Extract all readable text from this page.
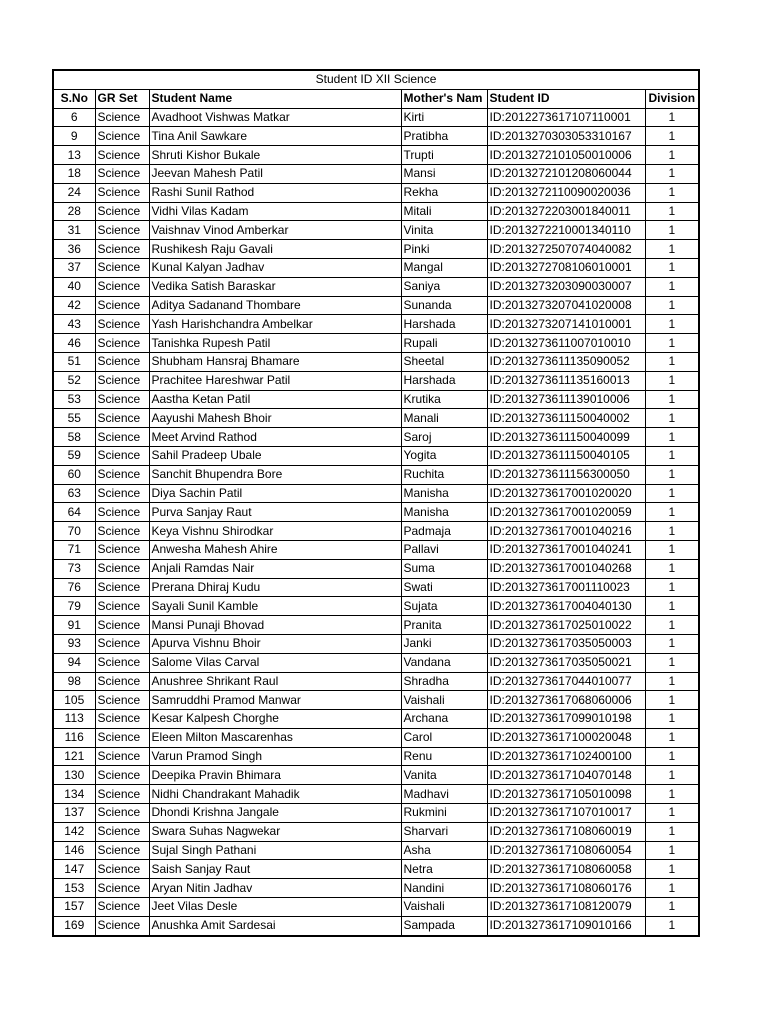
Student ID XII Science					
S.No	GR Set	Student Name	Mother's Nam	Student ID	Division
6	Science	Avadhoot Vishwas Matkar	Kirti	ID:2012273617107110001	1
9	Science	Tina Anil Sawkare	Pratibha	ID:2013270303053310167	1
13	Science	Shruti Kishor Bukale	Trupti	ID:2013272101050010006	1
18	Science	Jeevan Mahesh Patil	Mansi	ID:2013272101208060044	1
24	Science	Rashi Sunil Rathod	Rekha	ID:2013272110090020036	1
28	Science	Vidhi Vilas Kadam	Mitali	ID:2013272203001840011	1
31	Science	Vaishnav Vinod Amberkar	Vinita	ID:2013272210001340110	1
36	Science	Rushikesh Raju Gavali	Pinki	ID:2013272507074040082	1
37	Science	Kunal Kalyan Jadhav	Mangal	ID:2013272708106010001	1
40	Science	Vedika Satish Baraskar	Saniya	ID:2013273203090030007	1
42	Science	Aditya Sadanand Thombare	Sunanda	ID:2013273207041020008	1
43	Science	Yash Harishchandra Ambelkar	Harshada	ID:2013273207141010001	1
46	Science	Tanishka Rupesh Patil	Rupali	ID:2013273611007010010	1
51	Science	Shubham Hansraj Bhamare	Sheetal	ID:2013273611135090052	1
52	Science	Prachitee Hareshwar Patil	Harshada	ID:2013273611135160013	1
53	Science	Aastha Ketan Patil	Krutika	ID:2013273611139010006	1
55	Science	Aayushi Mahesh Bhoir	Manali	ID:2013273611150040002	1
58	Science	Meet Arvind Rathod	Saroj	ID:2013273611150040099	1
59	Science	Sahil Pradeep Ubale	Yogita	ID:2013273611150040105	1
60	Science	Sanchit Bhupendra Bore	Ruchita	ID:2013273611156300050	1
63	Science	Diya Sachin Patil	Manisha	ID:2013273617001020020	1
64	Science	Purva Sanjay Raut	Manisha	ID:2013273617001020059	1
70	Science	Keya Vishnu Shirodkar	Padmaja	ID:2013273617001040216	1
71	Science	Anwesha Mahesh Ahire	Pallavi	ID:2013273617001040241	1
73	Science	Anjali Ramdas Nair	Suma	ID:2013273617001040268	1
76	Science	Prerana Dhiraj Kudu	Swati	ID:2013273617001110023	1
79	Science	Sayali Sunil Kamble	Sujata	ID:2013273617004040130	1
91	Science	Mansi Punaji Bhovad	Pranita	ID:2013273617025010022	1
93	Science	Apurva Vishnu Bhoir	Janki	ID:2013273617035050003	1
94	Science	Salome Vilas Carval	Vandana	ID:2013273617035050021	1
98	Science	Anushree Shrikant Raul	Shradha	ID:2013273617044010077	1
105	Science	Samruddhi Pramod Manwar	Vaishali	ID:2013273617068060006	1
113	Science	Kesar Kalpesh Chorghe	Archana	ID:2013273617099010198	1
116	Science	Eleen Milton Mascarenhas	Carol	ID:2013273617100020048	1
121	Science	Varun Pramod Singh	Renu	ID:2013273617102400100	1
130	Science	Deepika Pravin Bhimara	Vanita	ID:2013273617104070148	1
134	Science	Nidhi Chandrakant Mahadik	Madhavi	ID:2013273617105010098	1
137	Science	Dhondi Krishna Jangale	Rukmini	ID:2013273617107010017	1
142	Science	Swara Suhas Nagwekar	Sharvari	ID:2013273617108060019	1
146	Science	Sujal Singh Pathani	Asha	ID:2013273617108060054	1
147	Science	Saish Sanjay Raut	Netra	ID:2013273617108060058	1
153	Science	Aryan Nitin Jadhav	Nandini	ID:2013273617108060176	1
157	Science	Jeet Vilas Desle	Vaishali	ID:2013273617108120079	1
169	Science	Anushka Amit Sardesai	Sampada	ID:2013273617109010166	1
